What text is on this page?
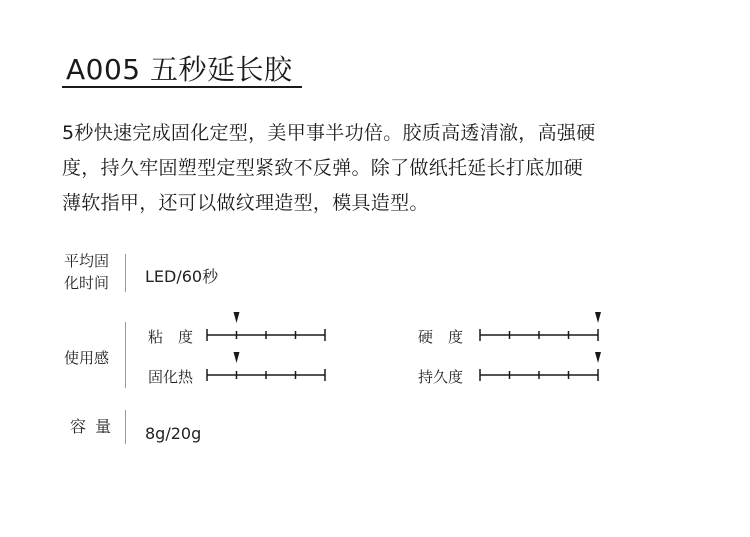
A005 五秒延长胶
5秒快速完成固化定型，美甲事半功倍。胶质高透清澈，高强硬
度，持久牢固塑型定型紧致不反弹。除了做纸托延长打底加硬
薄软指甲，还可以做纹理造型，模具造型。
平均固
化时间 LED/60秒
使用感
粘　度
固化热
硬　度
持久度
容 量 8g/20g
